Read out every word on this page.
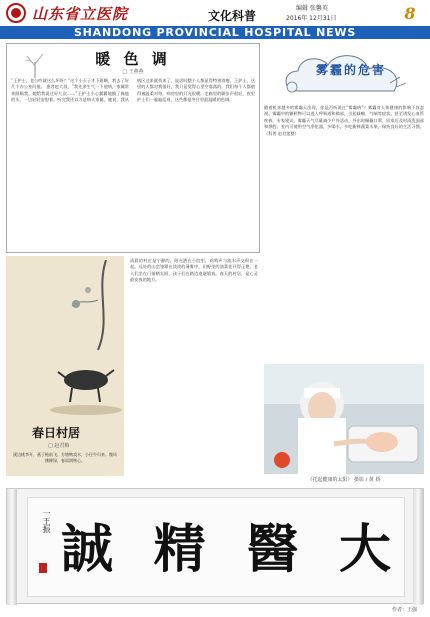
山东省立医院	文化科普
编辑 张馨英
2016年 12月31日	8
SHANDONG PROVINCIAL HOSPITAL NEWS
暖 色 调
□ 王燕燕
“王护士，老公咋就这么坏呀？”这个小天子才下班啊，我去了好几个办公室问他。 患者赵大叔，“我先来生气一下他病，家属常来照顾我，她给我说过好几次……”王护士小心翼翼地摸了摸他的头，一边轻轻安慰着。听完我还以为是病人家属，她说，我从病区过来就找来了，说话时整个人都显得特别消瘦。王护士，这里的人都对我很好，我只是觉得心里空落落的。我们每个人都值得被温柔对待。病房里的灯光很暖，走廊里的脚步声很轻，夜里护士们一遍遍巡视，这些都是冬日里最温暖的色调。
春日村居
□ 赵君梅
溪边桃李开，燕子檐前飞。方塘鸭戏水，小径牛归来。微风拂柳绿，春雨润物心。
清晨的村庄是宁静的。阳光洒在小院里，鸡鸣声与流水声交织在一起。远处的山峦笼罩在淡淡的薄雾中，田野里的油菜花开得正艳。老人们坐在门前晒太阳，孩子们在路边追逐嬉戏。春天的村居，是心灵最安放的地方。
雾霾的危害
随着机来越多的雾霾天出现，你是否听说过“雾霾病”？雾霾对人体健康的影响不容忽视。雾霾中的颗粒物可以进入呼吸道和肺部，引起咳嗽、气喘等症状，甚至诱发心血管疾病。专家建议，雾霾天气尽量减少户外活动，外出时佩戴口罩，回家后及时清洗面部和鼻腔。室内可使用空气净化器，多喝水，多吃新鲜蔬菜水果，保持良好的生活习惯。（科普 赵君莲整）
《托起健康的太阳》 摄影 / 黄 娇
一王振	大
醫
精
誠
作者：王强
